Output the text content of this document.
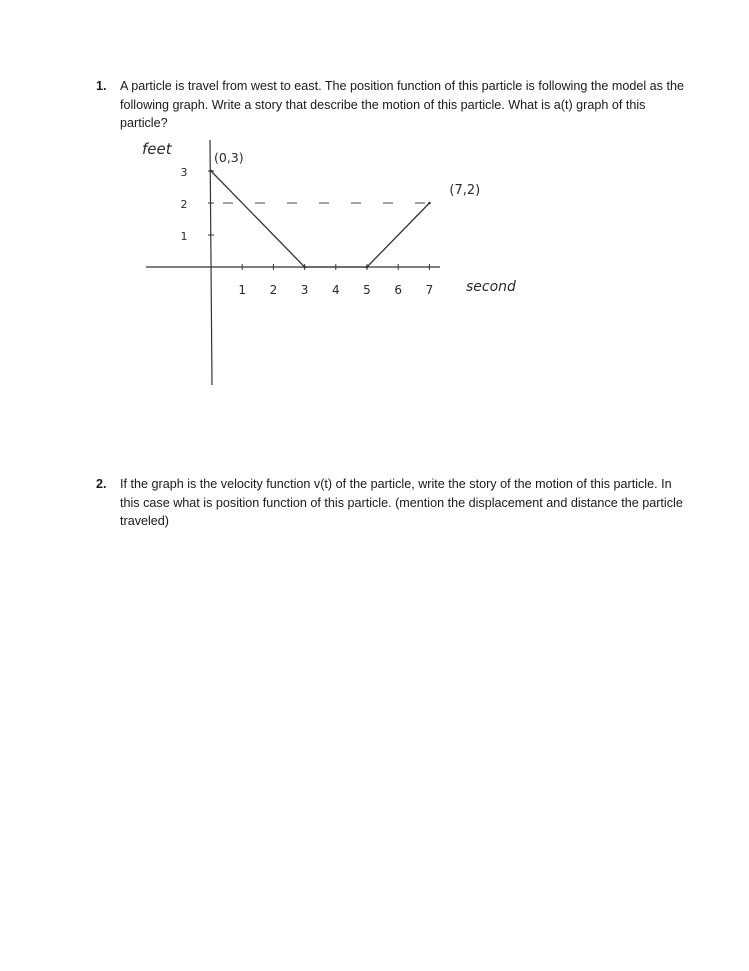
1. A particle is travel from west to east. The position function of this particle is following the model as the following graph. Write a story that describe the motion of this particle. What is a(t) graph of this particle?
feet
second
1
2
3
1 2 3 4 5 6 7
(0,3)
(7,2)
2. If the graph is the velocity function v(t) of the particle, write the story of the motion of this particle. In this case what is position function of this particle. (mention the displacement and distance the particle traveled)
